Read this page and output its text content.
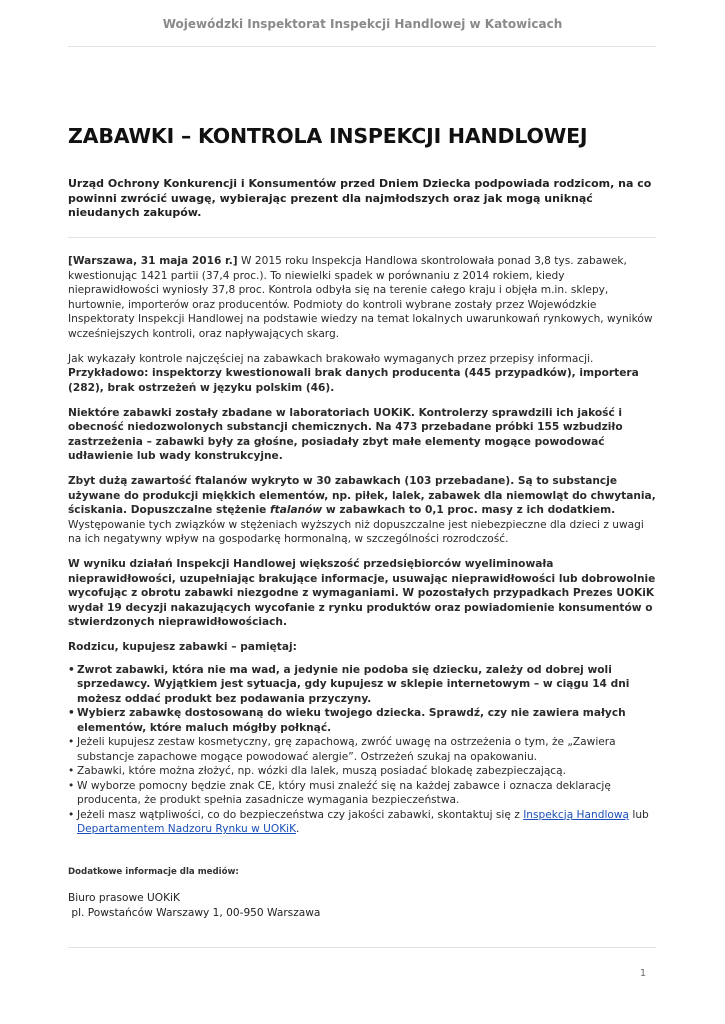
Wojewódzki Inspektorat Inspekcji Handlowej w Katowicach
ZABAWKI – KONTROLA INSPEKCJI HANDLOWEJ
Urząd Ochrony Konkurencji i Konsumentów przed Dniem Dziecka podpowiada rodzicom, na co powinni zwrócić uwagę, wybierając prezent dla najmłodszych oraz jak mogą uniknąć nieudanych zakupów.

[Warszawa, 31 maja 2016 r.] W 2015 roku Inspekcja Handlowa skontrolowała ponad 3,8 tys. zabawek, kwestionując 1421 partii (37,4 proc.). To niewielki spadek w porównaniu z 2014 rokiem, kiedy nieprawidłowości wyniosły 37,8 proc. Kontrola odbyła się na terenie całego kraju i objęła m.in. sklepy, hurtownie, importerów oraz producentów. Podmioty do kontroli wybrane zostały przez Wojewódzkie Inspektoraty Inspekcji Handlowej na podstawie wiedzy na temat lokalnych uwarunkowań rynkowych, wyników wcześniejszych kontroli, oraz napływających skarg.

Jak wykazały kontrole najczęściej na zabawkach brakowało wymaganych przez przepisy informacji. Przykładowo: inspektorzy kwestionowali brak danych producenta (445 przypadków), importera (282), brak ostrzeżeń w języku polskim (46).

Niektóre zabawki zostały zbadane w laboratoriach UOKiK. Kontrolerzy sprawdzili ich jakość i obecność niedozwolonych substancji chemicznych. Na 473 przebadane próbki 155 wzbudziło zastrzeżenia – zabawki były za głośne, posiadały zbyt małe elementy mogące powodować udławienie lub wady konstrukcyjne.

Zbyt dużą zawartość ftalanów wykryto w 30 zabawkach (103 przebadane). Są to substancje używane do produkcji miękkich elementów, np. piłek, lalek, zabawek dla niemowląt do chwytania, ściskania. Dopuszczalne stężenie ftalanów w zabawkach to 0,1 proc. masy z ich dodatkiem. Występowanie tych związków w stężeniach wyższych niż dopuszczalne jest niebezpieczne dla dzieci z uwagi na ich negatywny wpływ na gospodarkę hormonalną, w szczególności rozrodczość.

W wyniku działań Inspekcji Handlowej większość przedsiębiorców wyeliminowała nieprawidłowości, uzupełniając brakujące informacje, usuwając nieprawidłowości lub dobrowolnie wycofując z obrotu zabawki niezgodne z wymaganiami. W pozostałych przypadkach Prezes UOKiK wydał 19 decyzji nakazujących wycofanie z rynku produktów oraz powiadomienie konsumentów o stwierdzonych nieprawidłowościach.

Rodzicu, kupujesz zabawki – pamiętaj:

• Zwrot zabawki, która nie ma wad, a jedynie nie podoba się dziecku, zależy od dobrej woli sprzedawcy. Wyjątkiem jest sytuacja, gdy kupujesz w sklepie internetowym – w ciągu 14 dni możesz oddać produkt bez podawania przyczyny.
• Wybierz zabawkę dostosowaną do wieku twojego dziecka. Sprawdź, czy nie zawiera małych elementów, które maluch mógłby połknąć.
• Jeżeli kupujesz zestaw kosmetyczny, grę zapachową, zwróć uwagę na ostrzeżenia o tym, że „Zawiera substancje zapachowe mogące powodować alergie”. Ostrzeżeń szukaj na opakowaniu.
• Zabawki, które można złożyć, np. wózki dla lalek, muszą posiadać blokadę zabezpieczającą.
• W wyborze pomocny będzie znak CE, który musi znaleźć się na każdej zabawce i oznacza deklarację producenta, że produkt spełnia zasadnicze wymagania bezpieczeństwa.
• Jeżeli masz wątpliwości, co do bezpieczeństwa czy jakości zabawki, skontaktuj się z Inspekcją Handlową lub Departamentem Nadzoru Rynku w UOKiK.
Dodatkowe informacje dla mediów:
Biuro prasowe UOKiK
pl. Powstańców Warszawy 1, 00-950 Warszawa
1
